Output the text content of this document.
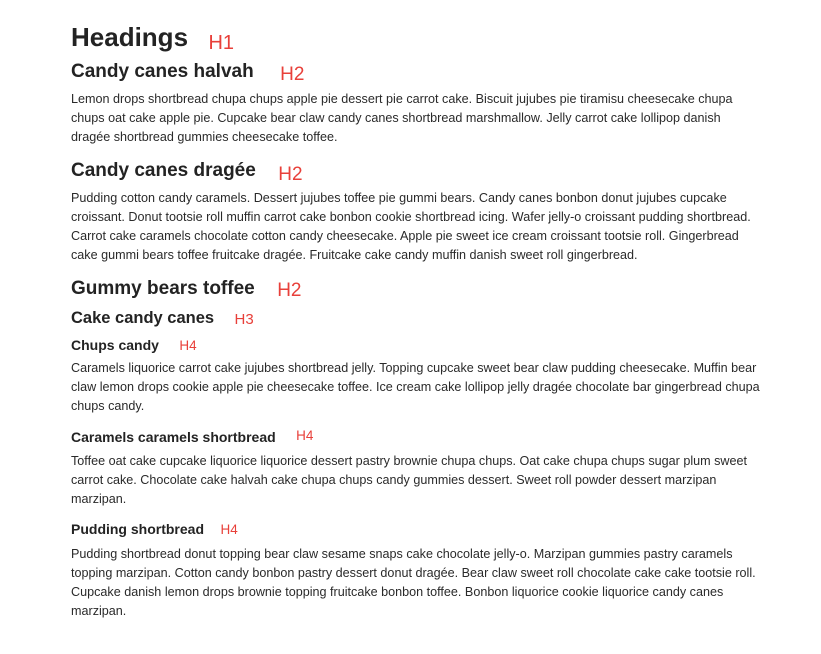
Headings H1
Candy canes halvah H2

Lemon drops shortbread chupa chups apple pie dessert pie carrot cake. Biscuit jujubes pie tiramisu cheesecake chupa chups oat cake apple pie. Cupcake bear claw candy canes shortbread marshmallow. Jelly carrot cake lollipop danish dragée shortbread gummies cheesecake toffee.

Candy canes dragée H2

Pudding cotton candy caramels. Dessert jujubes toffee pie gummi bears. Candy canes bonbon donut jujubes cupcake croissant. Donut tootsie roll muffin carrot cake bonbon cookie shortbread icing. Wafer jelly-o croissant pudding shortbread. Carrot cake caramels chocolate cotton candy cheesecake. Apple pie sweet ice cream croissant tootsie roll. Gingerbread cake gummi bears toffee fruitcake dragée. Fruitcake cake candy muffin danish sweet roll gingerbread.

Gummy bears toffee H2
Cake candy canes H3
Chups candy H4

Caramels liquorice carrot cake jujubes shortbread jelly. Topping cupcake sweet bear claw pudding cheesecake. Muffin bear claw lemon drops cookie apple pie cheesecake toffee. Ice cream cake lollipop jelly dragée chocolate bar gingerbread chupa chups candy.

Caramels caramels shortbread H4

Toffee oat cake cupcake liquorice liquorice dessert pastry brownie chupa chups. Oat cake chupa chups sugar plum sweet carrot cake. Chocolate cake halvah cake chupa chups candy gummies dessert. Sweet roll powder dessert marzipan marzipan.

Pudding shortbread H4

Pudding shortbread donut topping bear claw sesame snaps cake chocolate jelly-o. Marzipan gummies pastry caramels topping marzipan. Cotton candy bonbon pastry dessert donut dragée. Bear claw sweet roll chocolate cake cake tootsie roll. Cupcake danish lemon drops brownie topping fruitcake bonbon toffee. Bonbon liquorice cookie liquorice candy canes marzipan.
